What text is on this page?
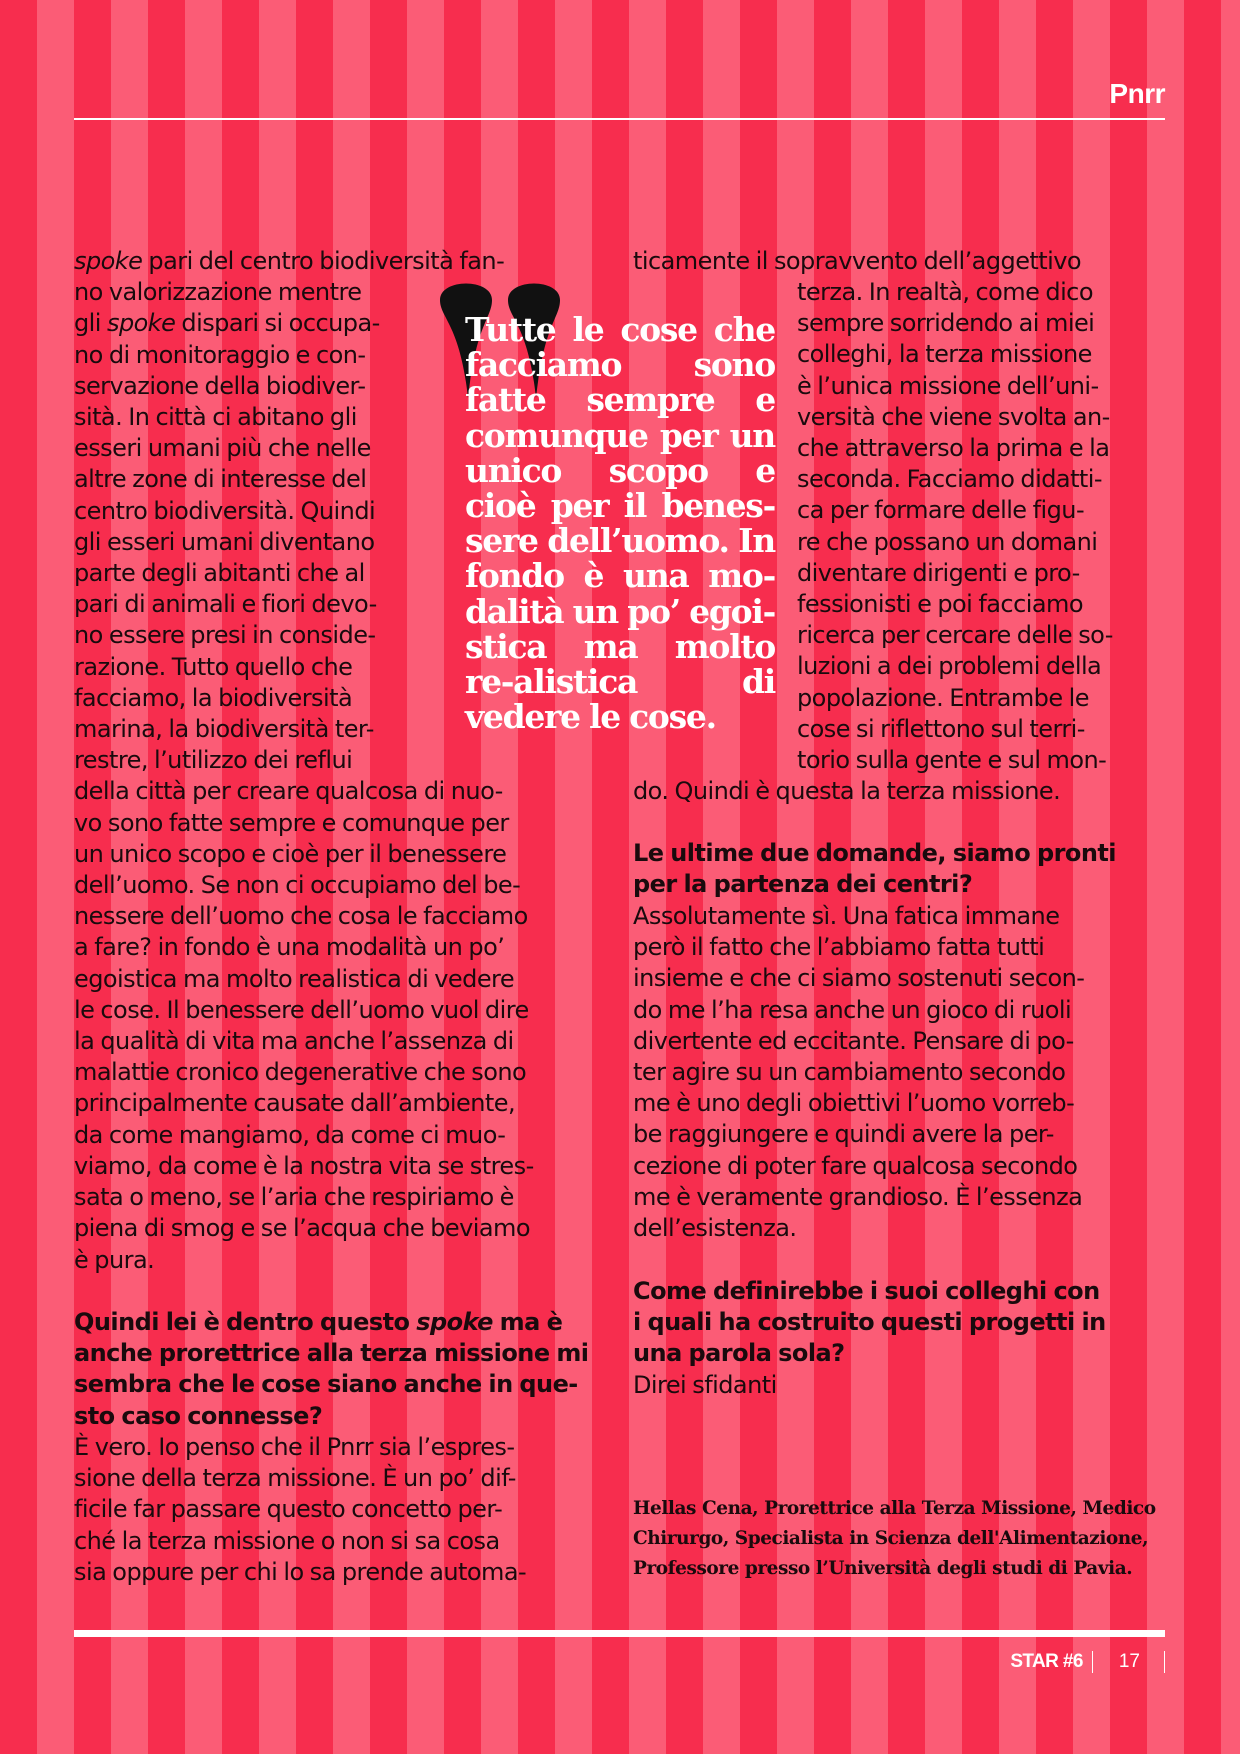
Pnrr

spoke pari del centro biodiversità fan-
no valorizzazione mentre
gli spoke dispari si occupa-
no di monitoraggio e con-
servazione della biodiver-
sità. In città ci abitano gli
esseri umani più che nelle
altre zone di interesse del
centro biodiversità. Quindi
gli esseri umani diventano
parte degli abitanti che al
pari di animali e fiori devo-
no essere presi in conside-
razione. Tutto quello che
facciamo, la biodiversità
marina, la biodiversità ter-
restre, l’utilizzo dei reflui
della città per creare qualcosa di nuo-
vo sono fatte sempre e comunque per
un unico scopo e cioè per il benessere
dell’uomo. Se non ci occupiamo del be-
nessere dell’uomo che cosa le facciamo
a fare? in fondo è una modalità un po’
egoistica ma molto realistica di vedere
le cose. Il benessere dell’uomo vuol dire
la qualità di vita ma anche l’assenza di
malattie cronico degenerative che sono
principalmente causate dall’ambiente,
da come mangiamo, da come ci muo-
viamo, da come è la nostra vita se stres-
sata o meno, se l’aria che respiriamo è
piena di smog e se l’acqua che beviamo
è pura.

Quindi lei è dentro questo spoke ma è
anche prorettrice alla terza missione mi
sembra che le cose siano anche in que-
sto caso connesse?

È vero. Io penso che il Pnrr sia l’espres-
sione della terza missione. È un po’ dif-
ficile far passare questo concetto per-
ché la terza missione o non si sa cosa
sia oppure per chi lo sa prende automa-

Tutte le cose che facciamo sono fatte sempre e comunque per un unico scopo e cioè per il benes-sere dell’uomo. In fondo è una mo-dalità un po’ egoi-stica ma molto re-alistica di vedere le cose.

ticamente il sopravvento dell’aggettivo

terza. In realtà, come dico
sempre sorridendo ai miei
colleghi, la terza missione
è l’unica missione dell’uni-
versità che viene svolta an-
che attraverso la prima e la
seconda. Facciamo didatti-
ca per formare delle figu-
re che possano un domani
diventare dirigenti e pro-
fessionisti e poi facciamo
ricerca per cercare delle so-
luzioni a dei problemi della
popolazione. Entrambe le
cose si riflettono sul terri-
torio sulla gente e sul mon-

do. Quindi è questa la terza missione.

Le ultime due domande, siamo pronti
per la partenza dei centri?

Assolutamente sì. Una fatica immane
però il fatto che l’abbiamo fatta tutti
insieme e che ci siamo sostenuti secon-
do me l’ha resa anche un gioco di ruoli
divertente ed eccitante. Pensare di po-
ter agire su un cambiamento secondo
me è uno degli obiettivi l’uomo vorreb-
be raggiungere e quindi avere la per-
cezione di poter fare qualcosa secondo
me è veramente grandioso. È l’essenza
dell’esistenza.

Come definirebbe i suoi colleghi con
i quali ha costruito questi progetti in
una parola sola?

Direi sfidanti

Hellas Cena, Prorettrice alla Terza Missione, Medico
Chirurgo, Specialista in Scienza dell'Alimentazione,
Professore presso l’Università degli studi di Pavia.

STAR #6 17
